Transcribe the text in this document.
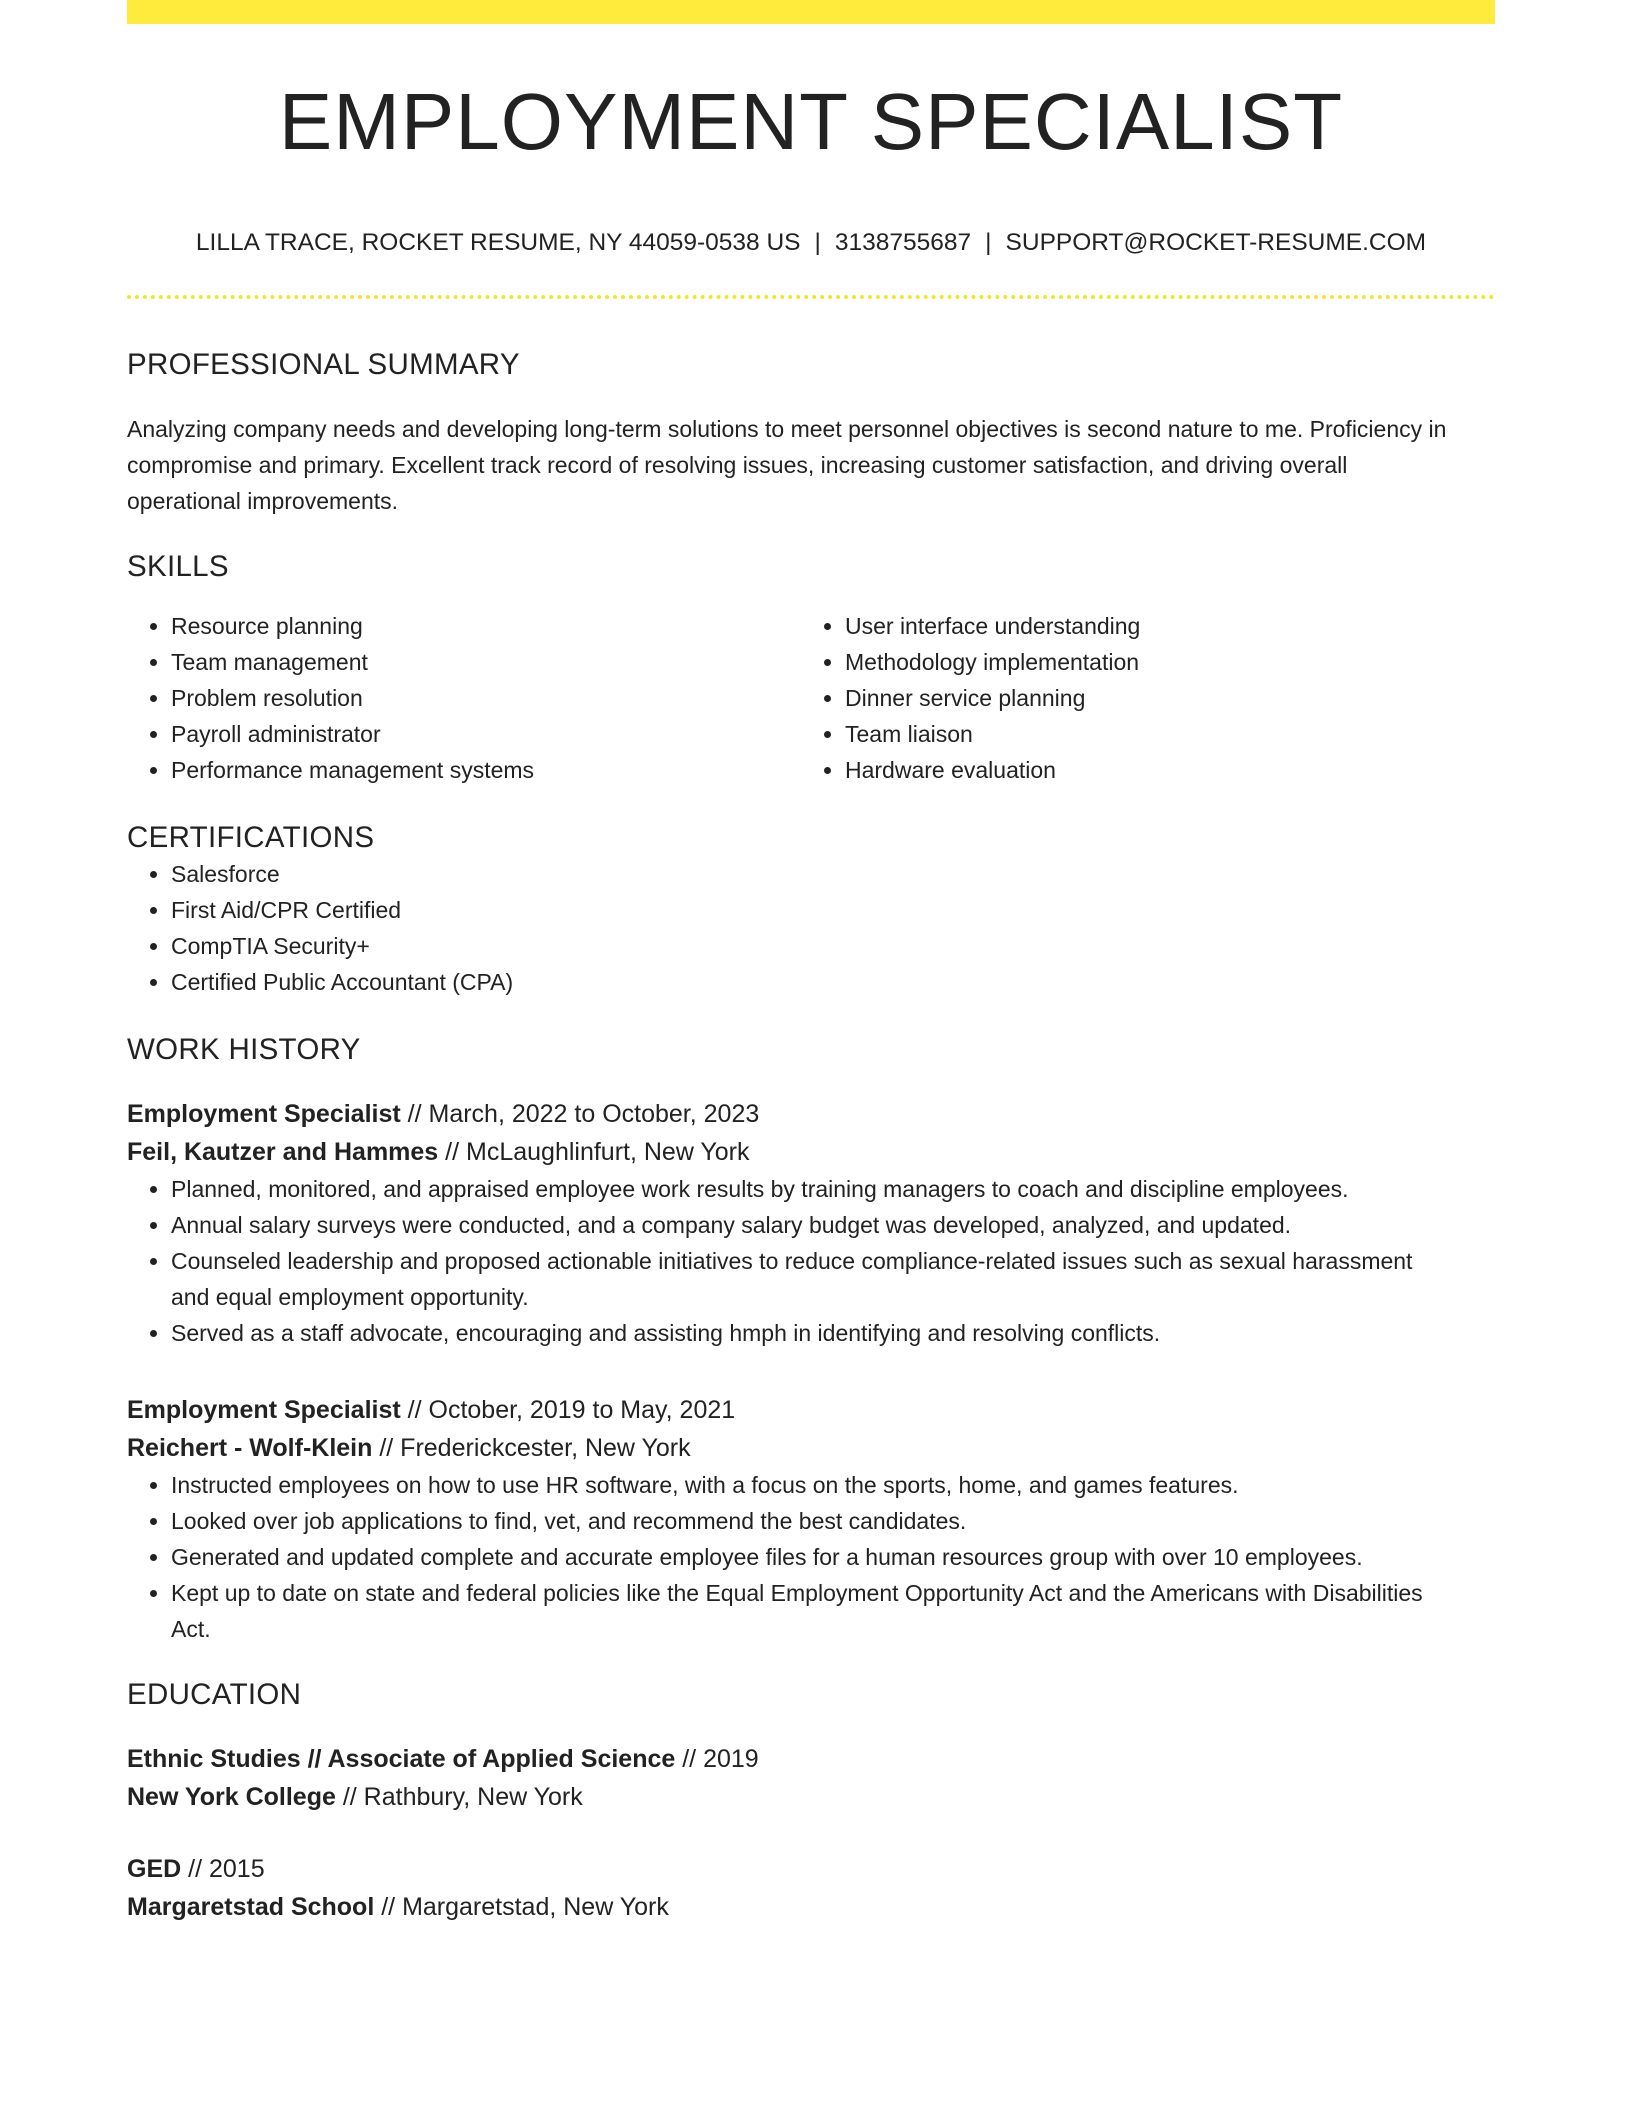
EMPLOYMENT SPECIALIST
LILLA TRACE, ROCKET RESUME, NY 44059-0538 US | 3138755687 | SUPPORT@ROCKET-RESUME.COM
PROFESSIONAL SUMMARY
Analyzing company needs and developing long-term solutions to meet personnel objectives is second nature to me. Proficiency in compromise and primary. Excellent track record of resolving issues, increasing customer satisfaction, and driving overall operational improvements.
SKILLS
• Resource planning
• Team management
• Problem resolution
• Payroll administrator
• Performance management systems
• User interface understanding
• Methodology implementation
• Dinner service planning
• Team liaison
• Hardware evaluation
CERTIFICATIONS
• Salesforce
• First Aid/CPR Certified
• CompTIA Security+
• Certified Public Accountant (CPA)
WORK HISTORY
Employment Specialist // March, 2022 to October, 2023
Feil, Kautzer and Hammes // McLaughlinfurt, New York
• Planned, monitored, and appraised employee work results by training managers to coach and discipline employees.
• Annual salary surveys were conducted, and a company salary budget was developed, analyzed, and updated.
• Counseled leadership and proposed actionable initiatives to reduce compliance-related issues such as sexual harassment and equal employment opportunity.
• Served as a staff advocate, encouraging and assisting hmph in identifying and resolving conflicts.
Employment Specialist // October, 2019 to May, 2021
Reichert - Wolf-Klein // Frederickcester, New York
• Instructed employees on how to use HR software, with a focus on the sports, home, and games features.
• Looked over job applications to find, vet, and recommend the best candidates.
• Generated and updated complete and accurate employee files for a human resources group with over 10 employees.
• Kept up to date on state and federal policies like the Equal Employment Opportunity Act and the Americans with Disabilities Act.
EDUCATION
Ethnic Studies // Associate of Applied Science // 2019
New York College // Rathbury, New York
GED // 2015
Margaretstad School // Margaretstad, New York
